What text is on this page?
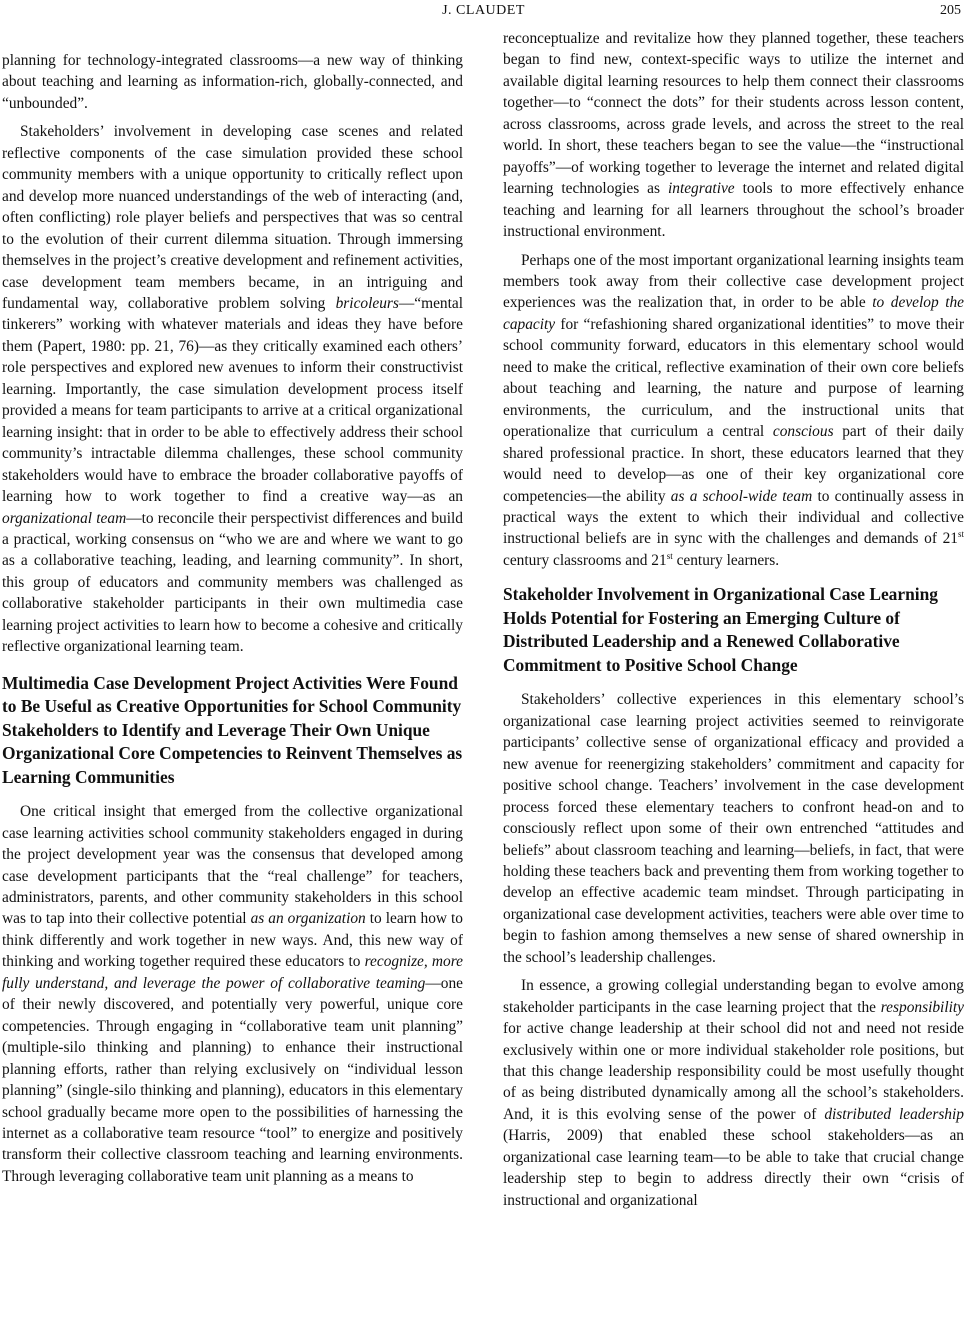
J. CLAUDET	205

planning for technology-integrated classrooms—a new way of thinking about teaching and learning as information-rich, globally-connected, and “unbounded”.

Stakeholders’ involvement in developing case scenes and related reflective components of the case simulation provided these school community members with a unique opportunity to critically reflect upon and develop more nuanced understandings of the web of interacting (and, often conflicting) role player beliefs and perspectives that was so central to the evolution of their current dilemma situation. Through immersing themselves in the project’s creative development and refinement activities, case development team members became, in an intriguing and fundamental way, collaborative problem solving bricoleurs—“mental tinkerers” working with whatever materials and ideas they have before them (Papert, 1980: pp. 21, 76)—as they critically examined each others’ role perspectives and explored new avenues to inform their constructivist learning. Importantly, the case simulation development process itself provided a means for team participants to arrive at a critical organizational learning insight: that in order to be able to effectively address their school community’s intractable dilemma challenges, these school community stakeholders would have to embrace the broader collaborative payoffs of learning how to work together to find a creative way—as an organizational team—to reconcile their perspectivist differences and build a practical, working consensus on “who we are and where we want to go as a collaborative teaching, leading, and learning community”. In short, this group of educators and community members was challenged as collaborative stakeholder participants in their own multimedia case learning project activities to learn how to become a cohesive and critically reflective organizational learning team.

Multimedia Case Development Project Activities Were Found to Be Useful as Creative Opportunities for School Community Stakeholders to Identify and Leverage Their Own Unique Organizational Core Competencies to Reinvent Themselves as Learning Communities

One critical insight that emerged from the collective organizational case learning activities school community stakeholders engaged in during the project development year was the consensus that developed among case development participants that the “real challenge” for teachers, administrators, parents, and other community stakeholders in this school was to tap into their collective potential as an organization to learn how to think differently and work together in new ways. And, this new way of thinking and working together required these educators to recognize, more fully understand, and leverage the power of collaborative teaming—one of their newly discovered, and potentially very powerful, unique core competencies. Through engaging in “collaborative team unit planning” (multiple-silo thinking and planning) to enhance their instructional planning efforts, rather than relying exclusively on “individual lesson planning” (single-silo thinking and planning), educators in this elementary school gradually became more open to the possibilities of harnessing the internet as a collaborative team resource “tool” to energize and positively transform their collective classroom teaching and learning environments. Through leveraging collaborative team unit planning as a means to

reconceptualize and revitalize how they planned together, these teachers began to find new, context-specific ways to utilize the internet and available digital learning resources to help them connect their classrooms together—to “connect the dots” for their students across lesson content, across classrooms, across grade levels, and across the street to the real world. In short, these teachers began to see the value—the “instructional payoffs”—of working together to leverage the internet and related digital learning technologies as integrative tools to more effectively enhance teaching and learning for all learners throughout the school’s broader instructional environment.

Perhaps one of the most important organizational learning insights team members took away from their collective case development project experiences was the realization that, in order to be able to develop the capacity for “refashioning shared organizational identities” to move their school community forward, educators in this elementary school would need to make the critical, reflective examination of their own core beliefs about teaching and learning, the nature and purpose of learning environments, the curriculum, and the instructional units that operationalize that curriculum a central conscious part of their daily shared professional practice. In short, these educators learned that they would need to develop—as one of their key organizational core competencies—the ability as a school-wide team to continually assess in practical ways the extent to which their individual and collective instructional beliefs are in sync with the challenges and demands of 21st century classrooms and 21st century learners.

Stakeholder Involvement in Organizational Case Learning Holds Potential for Fostering an Emerging Culture of Distributed Leadership and a Renewed Collaborative Commitment to Positive School Change

Stakeholders’ collective experiences in this elementary school’s organizational case learning project activities seemed to reinvigorate participants’ collective sense of organizational efficacy and provided a new avenue for reenergizing stakeholders’ commitment and capacity for positive school change. Teachers’ involvement in the case development process forced these elementary teachers to confront head-on and to consciously reflect upon some of their own entrenched “attitudes and beliefs” about classroom teaching and learning—beliefs, in fact, that were holding these teachers back and preventing them from working together to develop an effective academic team mindset. Through participating in organizational case development activities, teachers were able over time to begin to fashion among themselves a new sense of shared ownership in the school’s leadership challenges.

In essence, a growing collegial understanding began to evolve among stakeholder participants in the case learning project that the responsibility for active change leadership at their school did not and need not reside exclusively within one or more individual stakeholder role positions, but that this change leadership responsibility could be most usefully thought of as being distributed dynamically among all the school’s stakeholders. And, it is this evolving sense of the power of distributed leadership (Harris, 2009) that enabled these school stakeholders—as an organizational case learning team—to be able to take that crucial change leadership step to begin to address directly their own “crisis of instructional and organizational
